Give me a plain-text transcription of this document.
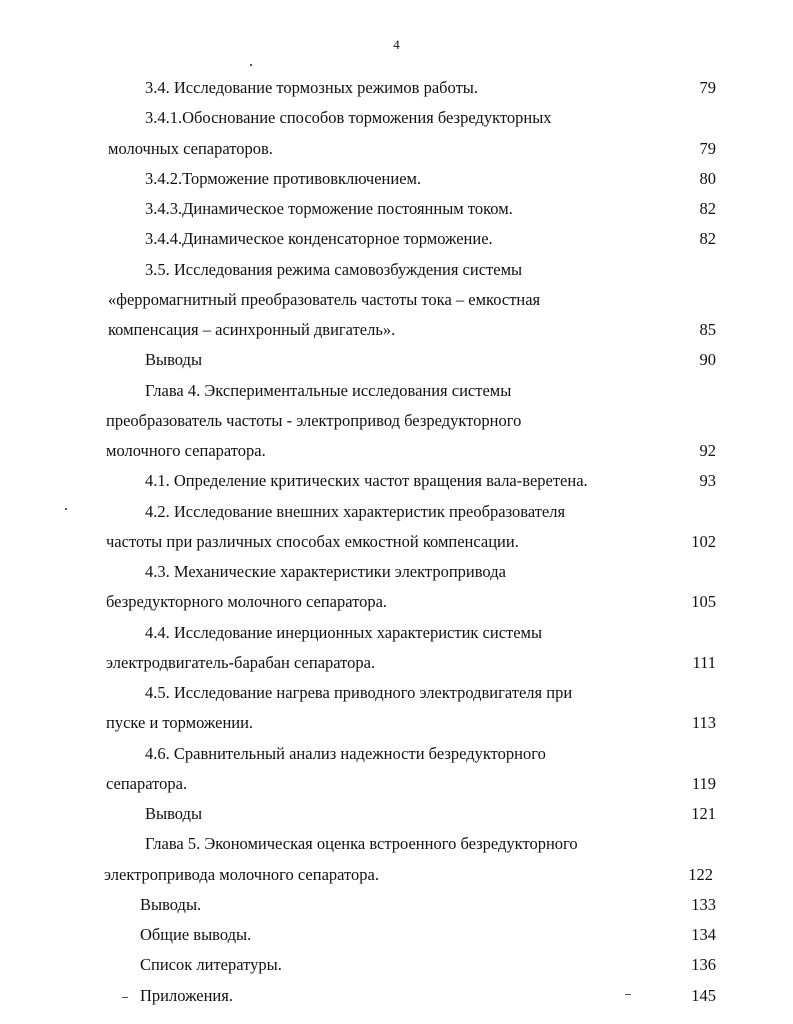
4
3.4. Исследование тормозных режимов работы.	79
3.4.1.Обоснование способов торможения безредукторных
молочных сепараторов.	79
3.4.2.Торможение противовключением.	80
3.4.3.Динамическое торможение постоянным током.	82
3.4.4.Динамическое конденсаторное торможение.	82
3.5. Исследования режима самовозбуждения системы
«ферромагнитный преобразователь частоты тока – емкостная
компенсация – асинхронный двигатель».	85
Выводы	90
Глава 4. Экспериментальные исследования системы
преобразователь частоты - электропривод безредукторного
молочного сепаратора.	92
4.1. Определение критических частот вращения вала-веретена.	93
4.2. Исследование внешних характеристик преобразователя
частоты при различных способах емкостной компенсации.	102
4.3. Механические характеристики электропривода
безредукторного молочного сепаратора.	105
4.4. Исследование инерционных характеристик системы
электродвигатель-барабан сепаратора.	111
4.5. Исследование нагрева приводного электродвигателя при
пуске и торможении.	113
4.6. Сравнительный анализ надежности безредукторного
сепаратора.	119
Выводы	121
Глава 5. Экономическая оценка встроенного безредукторного
электропривода молочного сепаратора.	122
Выводы.	133
Общие выводы.	134
Список литературы.	136
Приложения.	145
